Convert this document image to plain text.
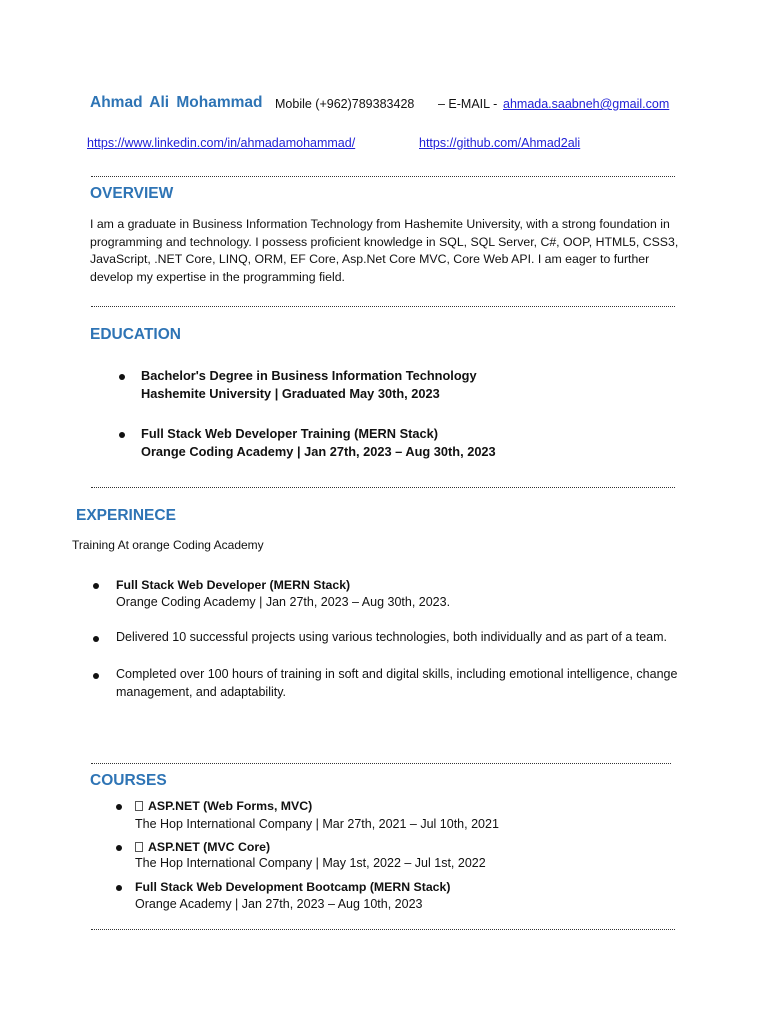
Ahmad Ali Mohammad Mobile (+962)789383428 – E-MAIL - ahmada.saabneh@gmail.com
https://www.linkedin.com/in/ahmadamohammad/	https://github.com/Ahmad2ali
OVERVIEW
I am a graduate in Business Information Technology from Hashemite University, with a strong foundation in programming and technology. I possess proficient knowledge in SQL, SQL Server, C#, OOP, HTML5, CSS3, JavaScript, .NET Core, LINQ, ORM, EF Core, Asp.Net Core MVC, Core Web API. I am eager to further develop my expertise in the programming field.
EDUCATION
Bachelor's Degree in Business Information Technology
Hashemite University | Graduated May 30th, 2023
Full Stack Web Developer Training (MERN Stack)
Orange Coding Academy | Jan 27th, 2023 – Aug 30th, 2023
EXPERINECE
Training At orange Coding Academy
Full Stack Web Developer (MERN Stack)
Orange Coding Academy | Jan 27th, 2023 – Aug 30th, 2023.
Delivered 10 successful projects using various technologies, both individually and as part of a team.
Completed over 100 hours of training in soft and digital skills, including emotional intelligence, change management, and adaptability.
COURSES
ASP.NET (Web Forms, MVC)
The Hop International Company | Mar 27th, 2021 – Jul 10th, 2021
ASP.NET (MVC Core)
The Hop International Company | May 1st, 2022 – Jul 1st, 2022
Full Stack Web Development Bootcamp (MERN Stack)
Orange Academy | Jan 27th, 2023 – Aug 10th, 2023
